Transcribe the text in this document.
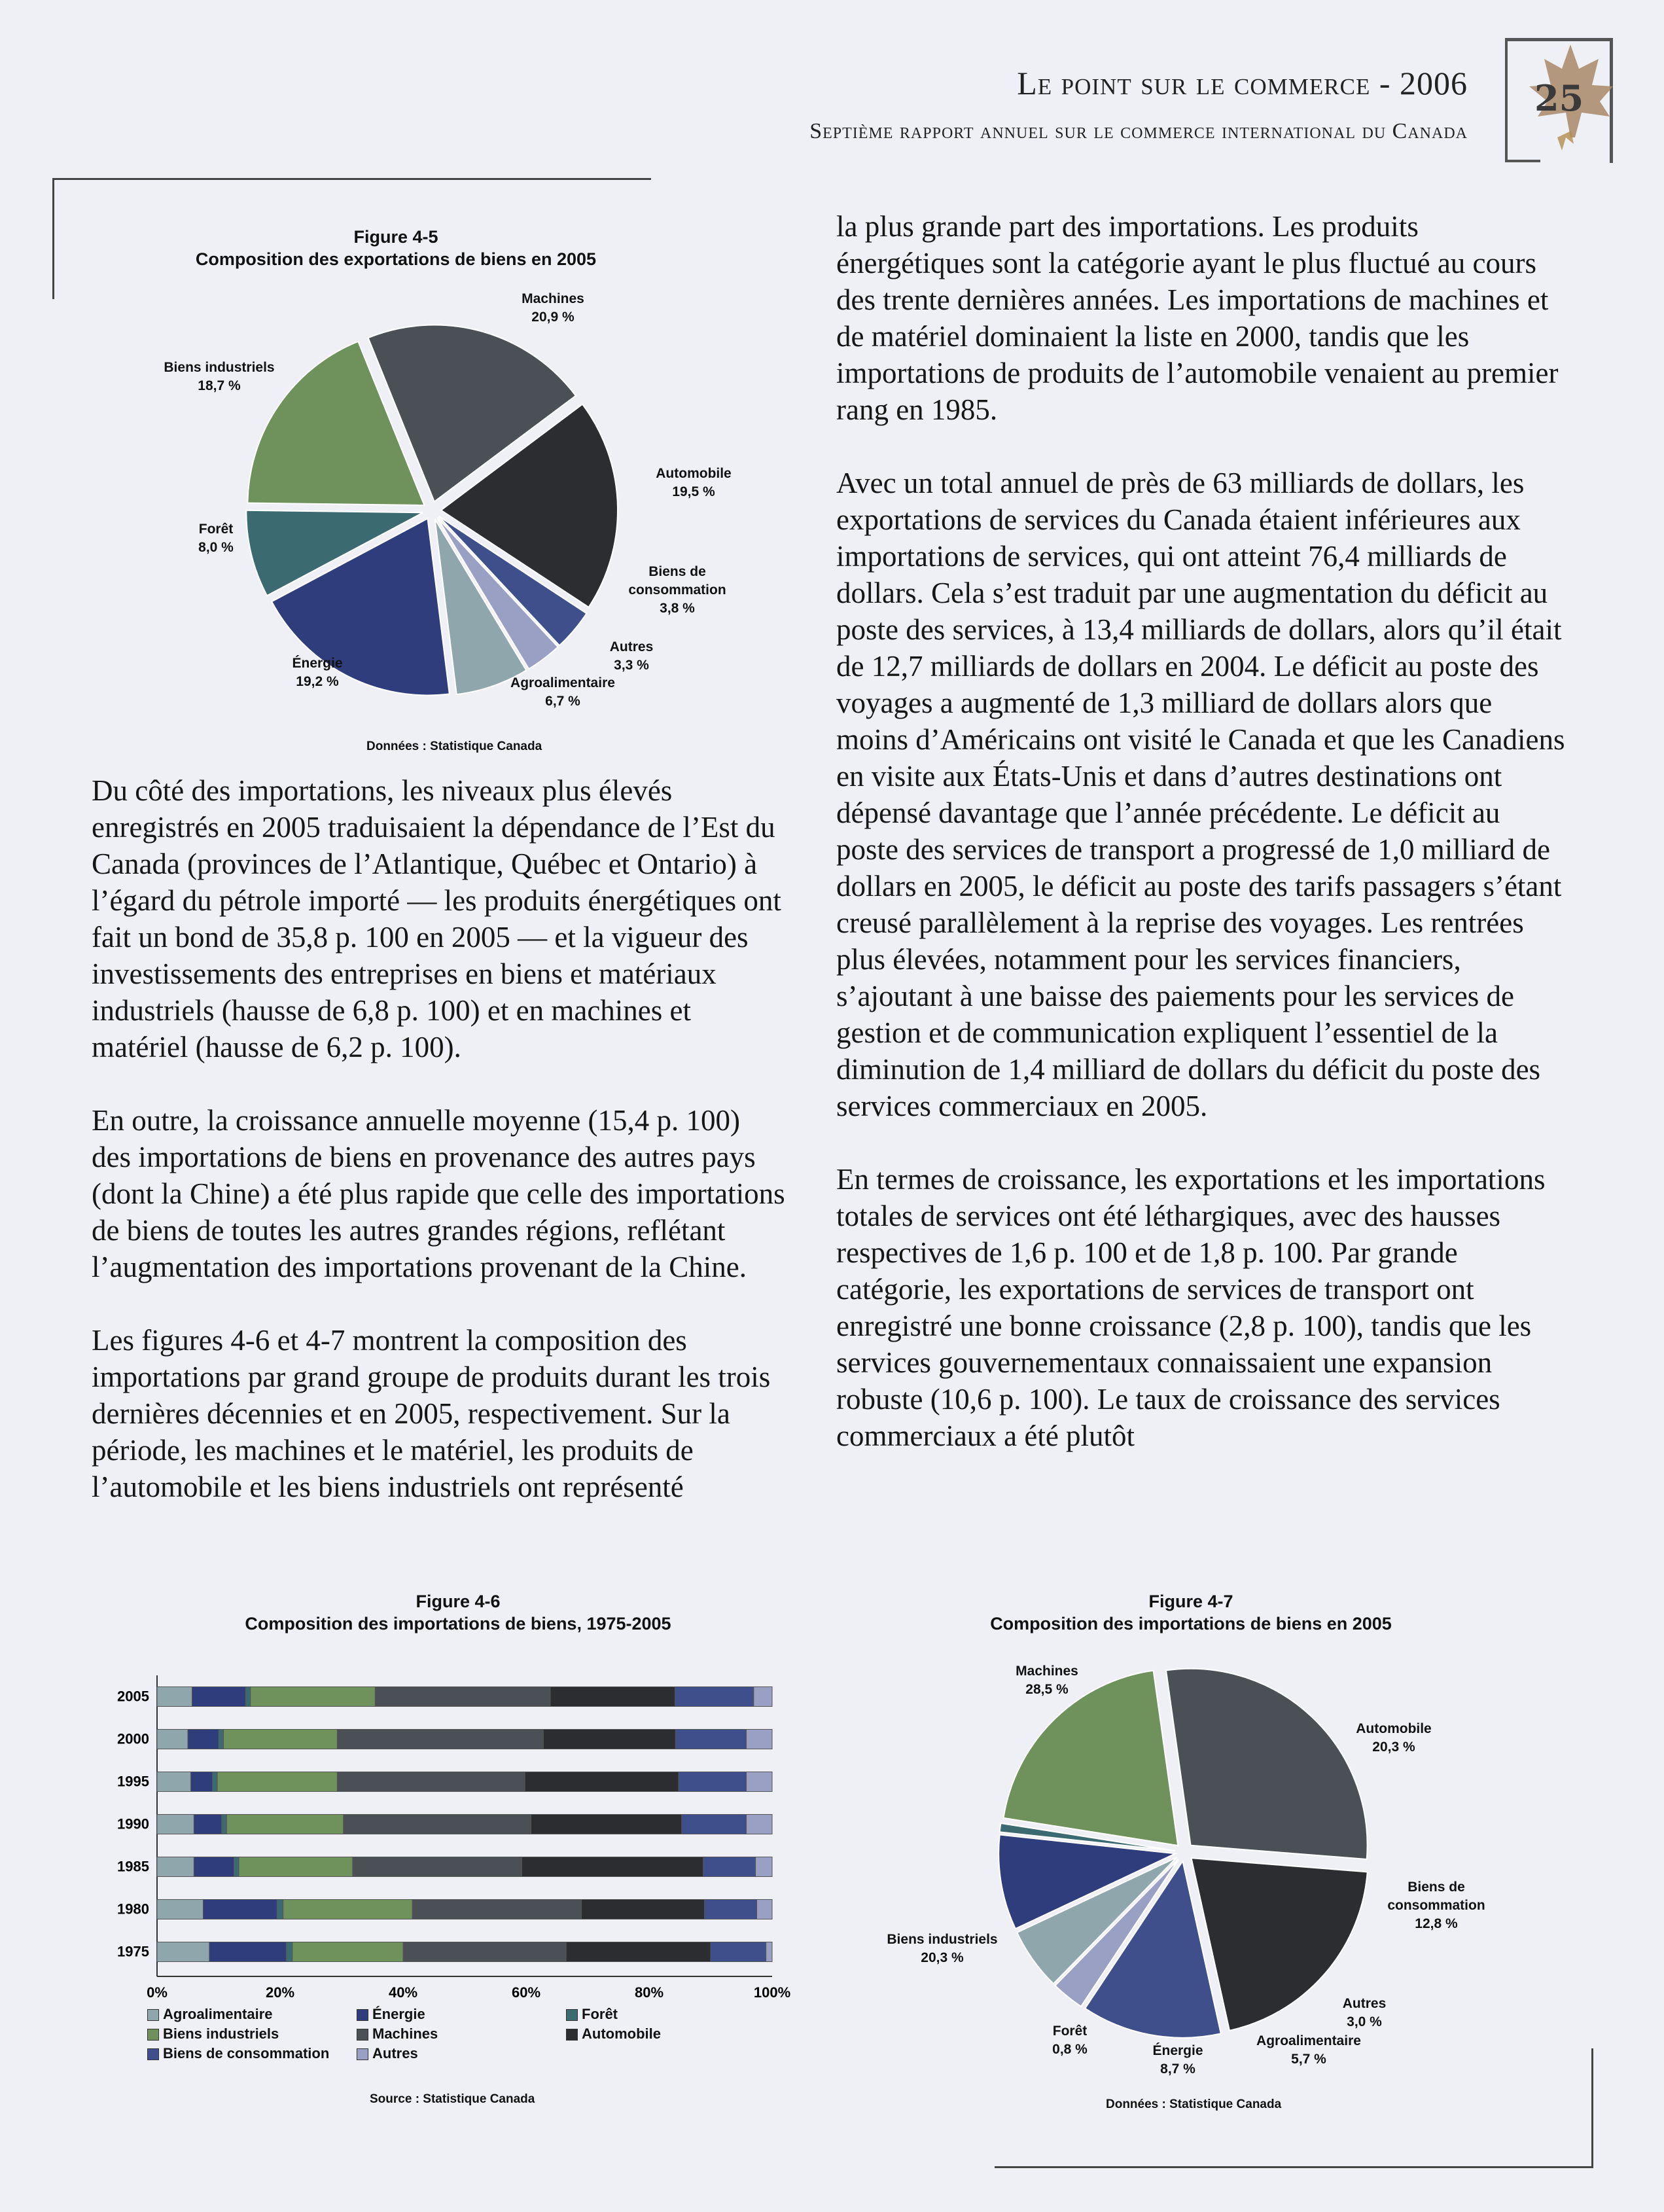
Le point sur le commerce - 2006
Septième rapport annuel sur le commerce international du Canada
25
Figure 4-5
Composition des exportations de biens en 2005
Machines
20,9 %
Automobile
19,5 %
Biens de
consommation
3,8 %
Autres
3,3 %
Agroalimentaire
6,7 %
Énergie
19,2 %
Forêt
8,0 %
Biens industriels
18,7 %
Données : Statistique Canada

Du côté des importations, les niveaux plus élevés enregistrés en 2005 traduisaient la dépendance de l’Est du Canada (provinces de l’Atlantique, Québec et Ontario) à l’égard du pétrole importé — les produits énergétiques ont fait un bond de 35,8 p. 100 en 2005 — et la vigueur des investissements des entreprises en biens et matériaux industriels (hausse de 6,8 p. 100) et en machines et matériel (hausse de 6,2 p. 100).

En outre, la croissance annuelle moyenne (15,4 p. 100) des importations de biens en provenance des autres pays (dont la Chine) a été plus rapide que celle des importations de biens de toutes les autres grandes régions, reflétant l’augmentation des importations provenant de la Chine.

Les figures 4-6 et 4-7 montrent la composition des importations par grand groupe de produits durant les trois dernières décennies et en 2005, respectivement. Sur la période, les machines et le matériel, les produits de l’automobile et les biens industriels ont représenté

la plus grande part des importations. Les produits énergétiques sont la catégorie ayant le plus fluctué au cours des trente dernières années. Les importations de machines et de matériel dominaient la liste en 2000, tandis que les importations de produits de l’automobile venaient au premier rang en 1985.

Avec un total annuel de près de 63 milliards de dollars, les exportations de services du Canada étaient inférieures aux importations de services, qui ont atteint 76,4 milliards de dollars. Cela s’est traduit par une augmentation du déficit au poste des services, à 13,4 milliards de dollars, alors qu’il était de 12,7 milliards de dollars en 2004. Le déficit au poste des voyages a augmenté de 1,3 milliard de dollars alors que moins d’Américains ont visité le Canada et que les Canadiens en visite aux États-Unis et dans d’autres destinations ont dépensé davantage que l’année précédente. Le déficit au poste des services de transport a progressé de 1,0 milliard de dollars en 2005, le déficit au poste des tarifs passagers s’étant creusé parallèlement à la reprise des voyages. Les rentrées plus élevées, notamment pour les services financiers, s’ajoutant à une baisse des paiements pour les services de gestion et de communication expliquent l’essentiel de la diminution de 1,4 milliard de dollars du déficit du poste des services commerciaux en 2005.

En termes de croissance, les exportations et les importations totales de services ont été léthargiques, avec des hausses respectives de 1,6 p. 100 et de 1,8 p. 100. Par grande catégorie, les exportations de services de transport ont enregistré une bonne croissance (2,8 p. 100), tandis que les services gouvernementaux connaissaient une expansion robuste (10,6 p. 100). Le taux de croissance des services commerciaux a été plutôt

Figure 4-6
Composition des importations de biens, 1975-2005
2005
2000
1995
1990
1985
1980
1975
0%	20%	40%	60%	80%	100%
Agroalimentaire	Énergie	Forêt
Biens industriels	Machines	Automobile
Biens de consommation	Autres
Source : Statistique Canada
Figure 4-7
Composition des importations de biens en 2005
Machines
28,5 %
Automobile
20,3 %
Biens de
consommation
12,8 %
Autres
3,0 %
Agroalimentaire
5,7 %
Énergie
8,7 %
Forêt
0,8 %
Biens industriels
20,3 %
Données : Statistique Canada
